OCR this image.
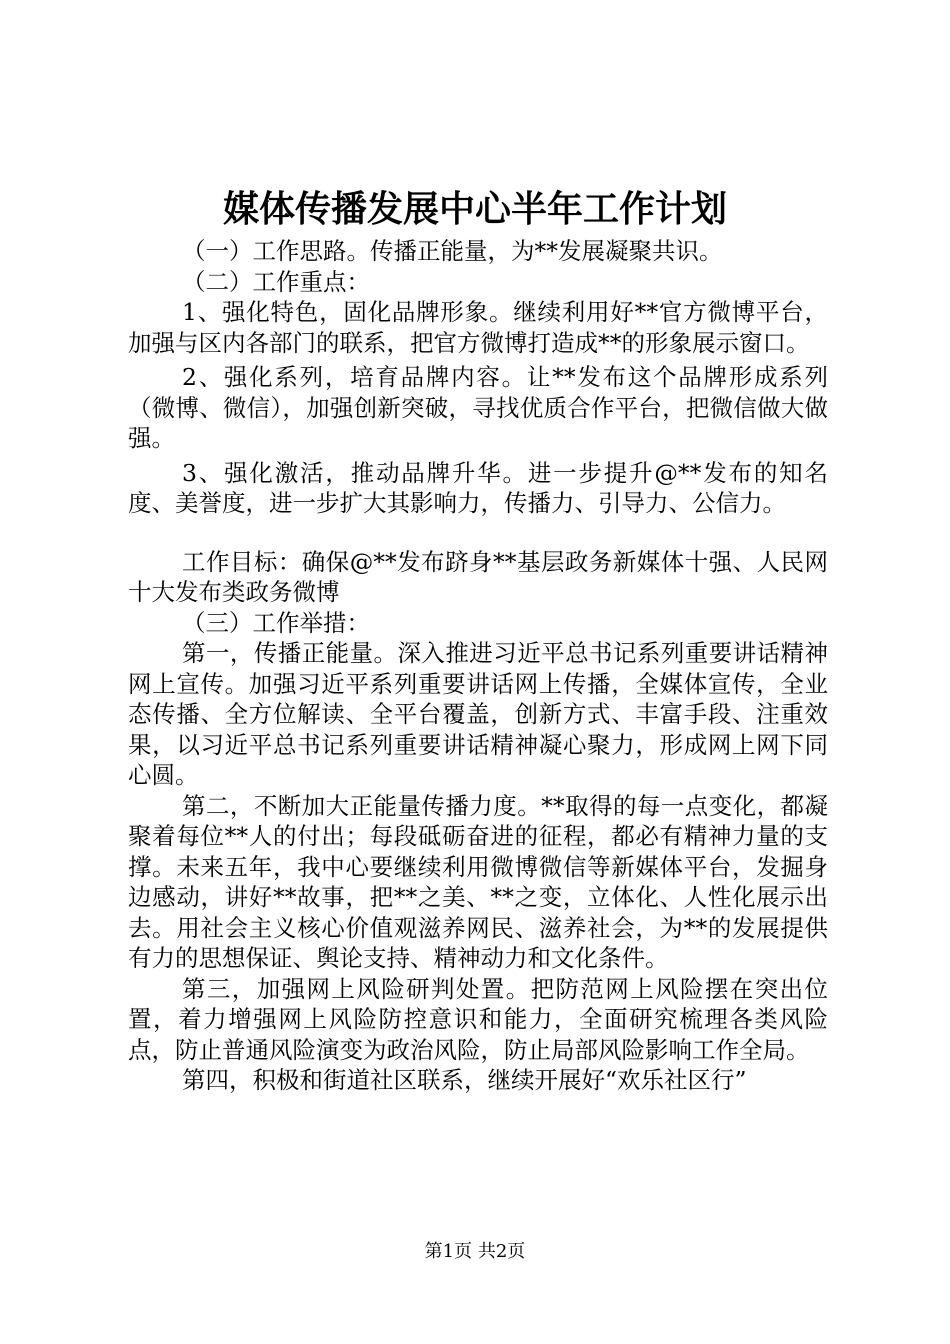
媒体传播发展中心半年工作计划

（一）工作思路。传播正能量，为**发展凝聚共识。

（二）工作重点：

1、强化特色，固化品牌形象。继续利用好**官方微博平台，加强与区内各部门的联系，把官方微博打造成**的形象展示窗口。

2、强化系列，培育品牌内容。让**发布这个品牌形成系列（微博、微信），加强创新突破，寻找优质合作平台，把微信做大做强。

3、强化激活，推动品牌升华。进一步提升@**发布的知名度、美誉度，进一步扩大其影响力，传播力、引导力、公信力。

工作目标：确保@**发布跻身**基层政务新媒体十强、人民网十大发布类政务微博

（三）工作举措：

第一，传播正能量。深入推进习近平总书记系列重要讲话精神网上宣传。加强习近平系列重要讲话网上传播，全媒体宣传，全业态传播、全方位解读、全平台覆盖，创新方式、丰富手段、注重效果，以习近平总书记系列重要讲话精神凝心聚力，形成网上网下同心圆。

第二，不断加大正能量传播力度。**取得的每一点变化，都凝聚着每位**人的付出；每段砥砺奋进的征程，都必有精神力量的支撑。未来五年，我中心要继续利用微博微信等新媒体平台，发掘身边感动，讲好**故事，把**之美、**之变，立体化、人性化展示出去。用社会主义核心价值观滋养网民、滋养社会，为**的发展提供有力的思想保证、舆论支持、精神动力和文化条件。

第三，加强网上风险研判处置。把防范网上风险摆在突出位置，着力增强网上风险防控意识和能力，全面研究梳理各类风险点，防止普通风险演变为政治风险，防止局部风险影响工作全局。

第四，积极和街道社区联系，继续开展好“欢乐社区行”

第1页 共2页
